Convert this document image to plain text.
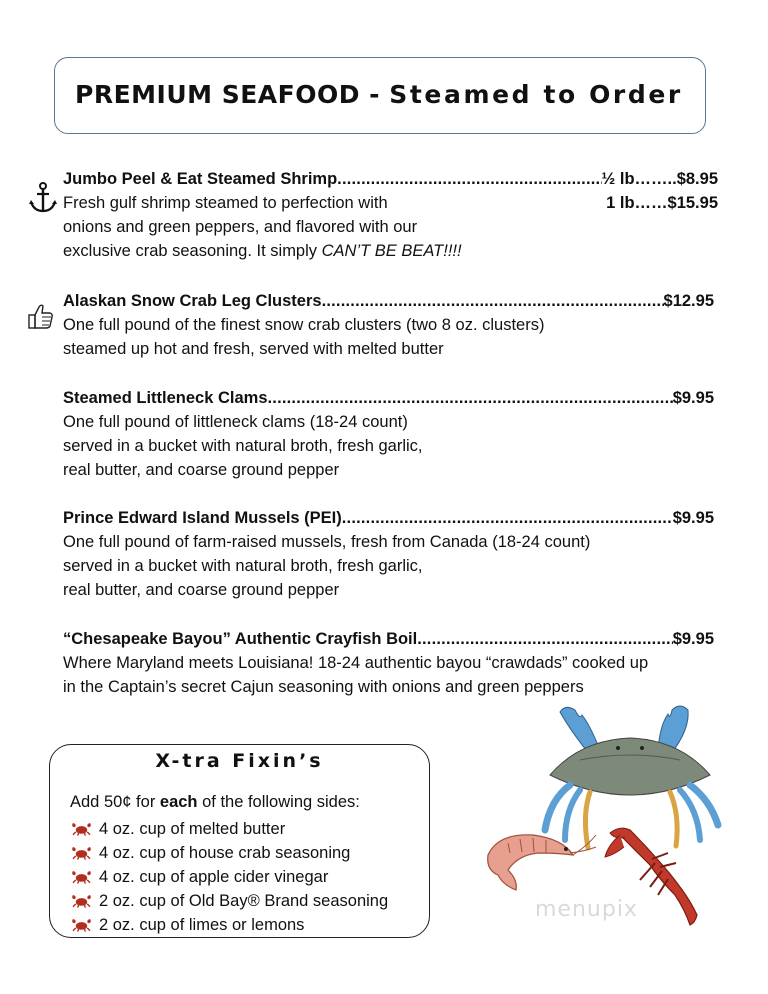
PREMIUM SEAFOOD - Steamed to Order
Jumbo Peel & Eat Steamed Shrimp .....	½ lb …….. $8.95
Fresh gulf shrimp steamed to perfection with	1 lb……$15.95
onions and green peppers, and flavored with our
exclusive crab seasoning. It simply CAN’T BE BEAT!!!!
Alaskan Snow Crab Leg Clusters .....	$12.95
One full pound of the finest snow crab clusters (two 8 oz. clusters)
steamed up hot and fresh, served with melted butter
Steamed Littleneck Clams .....	$9.95
One full pound of littleneck clams (18-24 count)
served in a bucket with natural broth, fresh garlic,
real butter, and coarse ground pepper
Prince Edward Island Mussels (PEI) .....	$9.95
One full pound of farm-raised mussels, fresh from Canada (18-24 count)
served in a bucket with natural broth, fresh garlic,
real butter, and coarse ground pepper
“Chesapeake Bayou” Authentic Crayfish Boil .....	$9.95
Where Maryland meets Louisiana! 18-24 authentic bayou “crawdads” cooked up
in the Captain’s secret Cajun seasoning with onions and green peppers
X-tra Fixin’s
Add 50¢ for each of the following sides:
4 oz. cup of melted butter
4 oz. cup of house crab seasoning
4 oz. cup of apple cider vinegar
2 oz. cup of Old Bay® Brand seasoning
2 oz. cup of limes or lemons
menupix
